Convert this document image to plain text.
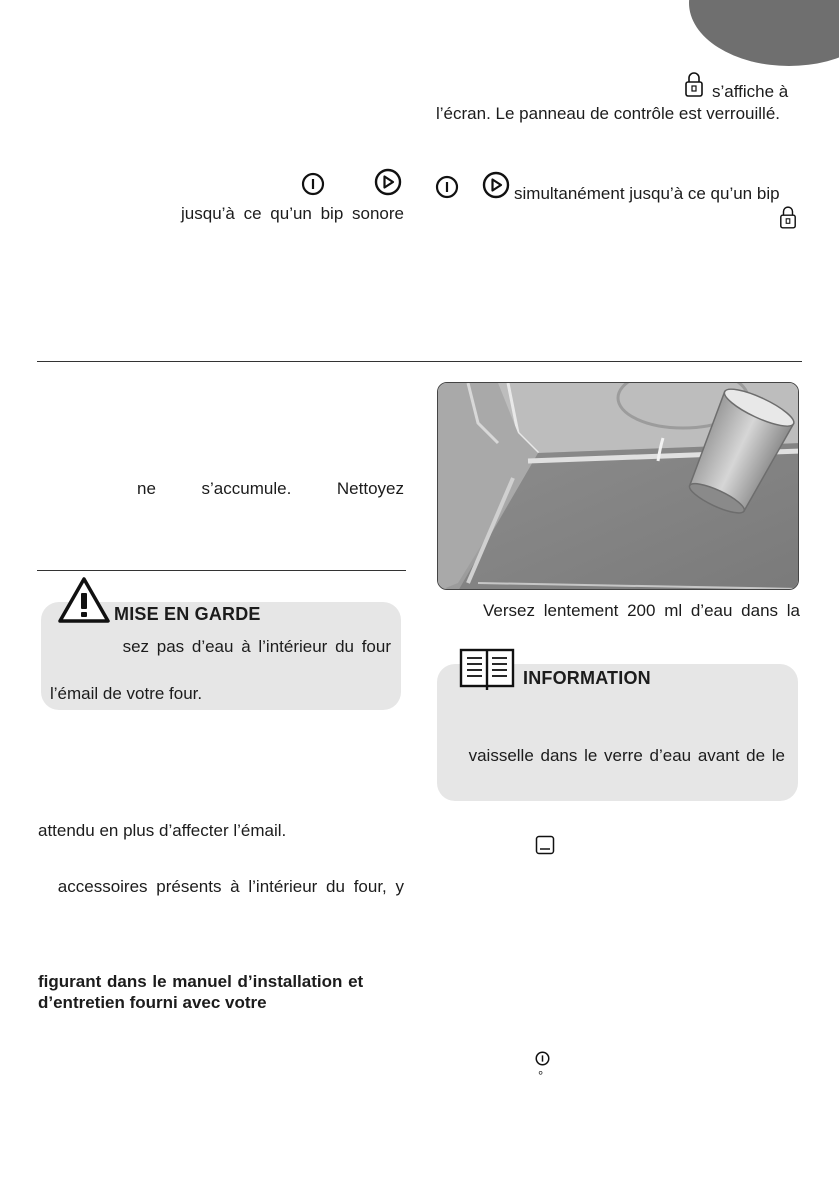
s’affiche à
l’écran. Le panneau de contrôle est verrouillé.
jusqu’à ce qu’un bip sonore
simultanément jusqu’à ce qu’un bip
ne	s’accumule.	Nettoyez
MISE EN GARDE
sez pas d’eau à l’intérieur du four
l’émail de votre four.
attendu en plus d’affecter l’émail.
accessoires présents à l’intérieur du four, y
figurant dans le manuel d’installation et
d’entretien fourni avec votre
Versez lentement 200 ml d’eau dans la
INFORMATION
vaisselle dans le verre d’eau avant de le
°
